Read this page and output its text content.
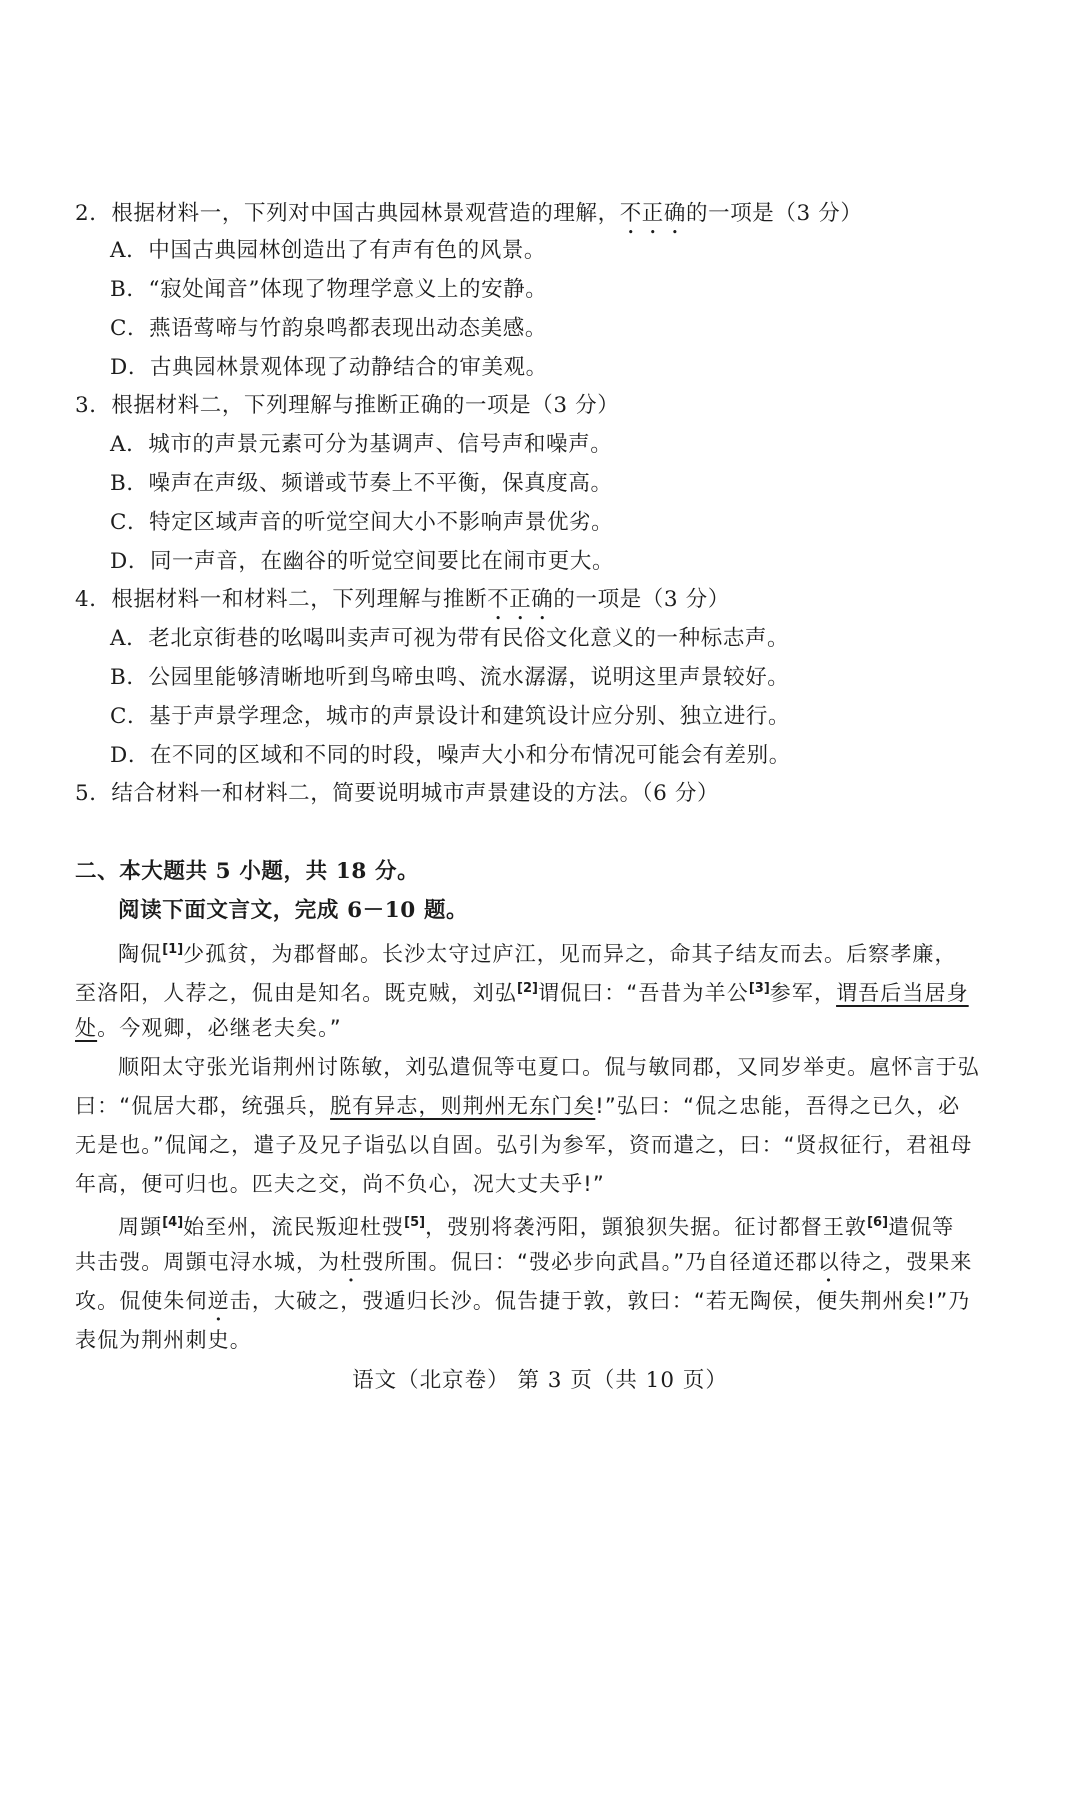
2．根据材料一，下列对中国古典园林景观营造的理解，不正确的一项是（3 分）
A．中国古典园林创造出了有声有色的风景。
B．“寂处闻音”体现了物理学意义上的安静。
C．燕语莺啼与竹韵泉鸣都表现出动态美感。
D．古典园林景观体现了动静结合的审美观。
3．根据材料二，下列理解与推断正确的一项是（3 分）
A．城市的声景元素可分为基调声、信号声和噪声。
B．噪声在声级、频谱或节奏上不平衡，保真度高。
C．特定区域声音的听觉空间大小不影响声景优劣。
D．同一声音，在幽谷的听觉空间要比在闹市更大。
4．根据材料一和材料二，下列理解与推断不正确的一项是（3 分）
A．老北京街巷的吆喝叫卖声可视为带有民俗文化意义的一种标志声。
B．公园里能够清晰地听到鸟啼虫鸣、流水潺潺，说明这里声景较好。
C．基于声景学理念，城市的声景设计和建筑设计应分别、独立进行。
D．在不同的区域和不同的时段，噪声大小和分布情况可能会有差别。
5．结合材料一和材料二，简要说明城市声景建设的方法。（6 分）
二、本大题共 5 小题，共 18 分。
阅读下面文言文，完成 6－10 题。
陶侃[1]少孤贫，为郡督邮。长沙太守过庐江，见而异之，命其子结友而去。后察孝廉，
至洛阳，人荐之，侃由是知名。既克贼，刘弘[2]谓侃曰：“吾昔为羊公[3]参军，谓吾后当居身
处。今观卿，必继老夫矣。”
顺阳太守张光诣荆州讨陈敏，刘弘遣侃等屯夏口。侃与敏同郡，又同岁举吏。扈怀言于弘
曰：“侃居大郡，统强兵，脱有异志，则荆州无东门矣!”弘曰：“侃之忠能，吾得之已久，必
无是也。”侃闻之，遣子及兄子诣弘以自固。弘引为参军，资而遣之，曰：“贤叔征行，君祖母
年高，便可归也。匹夫之交，尚不负心，况大丈夫乎!”
周顗[4]始至州，流民叛迎杜弢[5]，弢别将袭沔阳，顗狼狈失据。征讨都督王敦[6]遣侃等
共击弢。周顗屯浔水城，为杜弢所围。侃曰：“弢必步向武昌。”乃自径道还郡以待之，弢果来
攻。侃使朱伺逆击，大破之，弢遁归长沙。侃告捷于敦，敦曰：“若无陶侯，便失荆州矣!”乃
表侃为荆州刺史。
语文（北京卷） 第 3 页（共 10 页）
